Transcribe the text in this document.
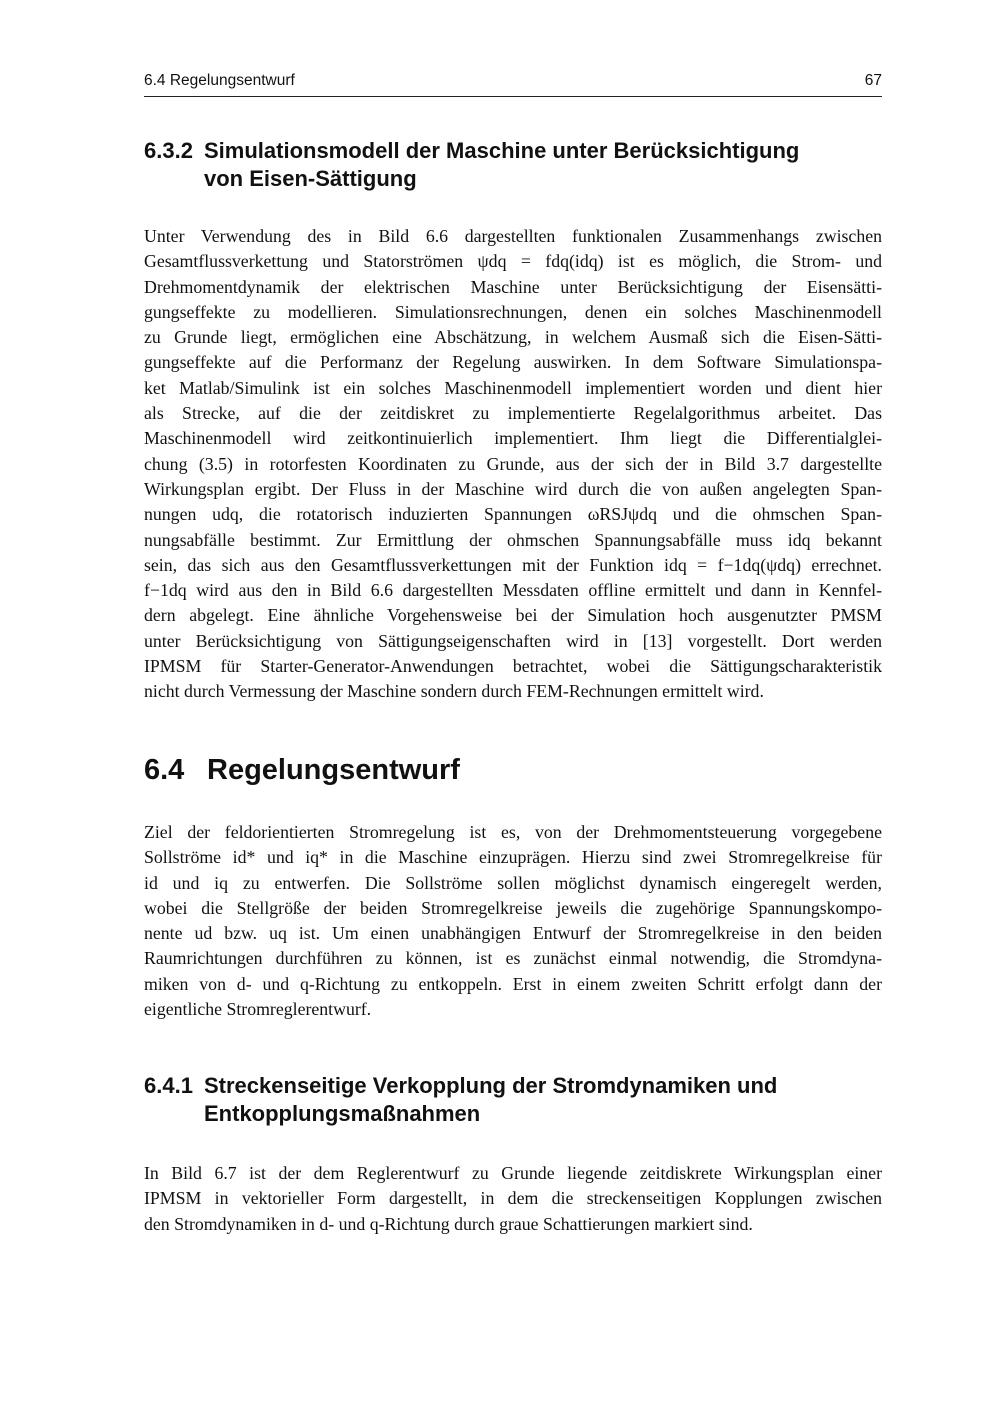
6.4 Regelungsentwurf	67
6.3.2 Simulationsmodell der Maschine unter Berücksichtigung
von Eisen-Sättigung
Unter Verwendung des in Bild 6.6 dargestellten funktionalen Zusammenhangs zwischen
Gesamtflussverkettung und Statorströmen ψdq = fdq(idq) ist es möglich, die Strom- und
Drehmomentdynamik der elektrischen Maschine unter Berücksichtigung der Eisensätti-
gungseffekte zu modellieren. Simulationsrechnungen, denen ein solches Maschinenmodell
zu Grunde liegt, ermöglichen eine Abschätzung, in welchem Ausmaß sich die Eisen-Sätti-
gungseffekte auf die Performanz der Regelung auswirken. In dem Software Simulationspa-
ket Matlab/Simulink ist ein solches Maschinenmodell implementiert worden und dient hier
als Strecke, auf die der zeitdiskret zu implementierte Regelalgorithmus arbeitet. Das
Maschinenmodell wird zeitkontinuierlich implementiert. Ihm liegt die Differentialglei-
chung (3.5) in rotorfesten Koordinaten zu Grunde, aus der sich der in Bild 3.7 dargestellte
Wirkungsplan ergibt. Der Fluss in der Maschine wird durch die von außen angelegten Span-
nungen udq, die rotatorisch induzierten Spannungen ωRSJψdq und die ohmschen Span-
nungsabfälle bestimmt. Zur Ermittlung der ohmschen Spannungsabfälle muss idq bekannt
sein, das sich aus den Gesamtflussverkettungen mit der Funktion idq = f−1dq(ψdq) errechnet.
f−1dq wird aus den in Bild 6.6 dargestellten Messdaten offline ermittelt und dann in Kennfel-
dern abgelegt. Eine ähnliche Vorgehensweise bei der Simulation hoch ausgenutzter PMSM
unter Berücksichtigung von Sättigungseigenschaften wird in [13] vorgestellt. Dort werden
IPMSM für Starter-Generator-Anwendungen betrachtet, wobei die Sättigungscharakteristik
nicht durch Vermessung der Maschine sondern durch FEM-Rechnungen ermittelt wird.
6.4 Regelungsentwurf
Ziel der feldorientierten Stromregelung ist es, von der Drehmomentsteuerung vorgegebene
Sollströme id* und iq* in die Maschine einzuprägen. Hierzu sind zwei Stromregelkreise für
id und iq zu entwerfen. Die Sollströme sollen möglichst dynamisch eingeregelt werden,
wobei die Stellgröße der beiden Stromregelkreise jeweils die zugehörige Spannungskompo-
nente ud bzw. uq ist. Um einen unabhängigen Entwurf der Stromregelkreise in den beiden
Raumrichtungen durchführen zu können, ist es zunächst einmal notwendig, die Stromdyna-
miken von d- und q-Richtung zu entkoppeln. Erst in einem zweiten Schritt erfolgt dann der
eigentliche Stromreglerentwurf.
6.4.1 Streckenseitige Verkopplung der Stromdynamiken und
Entkopplungsmaßnahmen
In Bild 6.7 ist der dem Reglerentwurf zu Grunde liegende zeitdiskrete Wirkungsplan einer
IPMSM in vektorieller Form dargestellt, in dem die streckenseitigen Kopplungen zwischen
den Stromdynamiken in d- und q-Richtung durch graue Schattierungen markiert sind.
